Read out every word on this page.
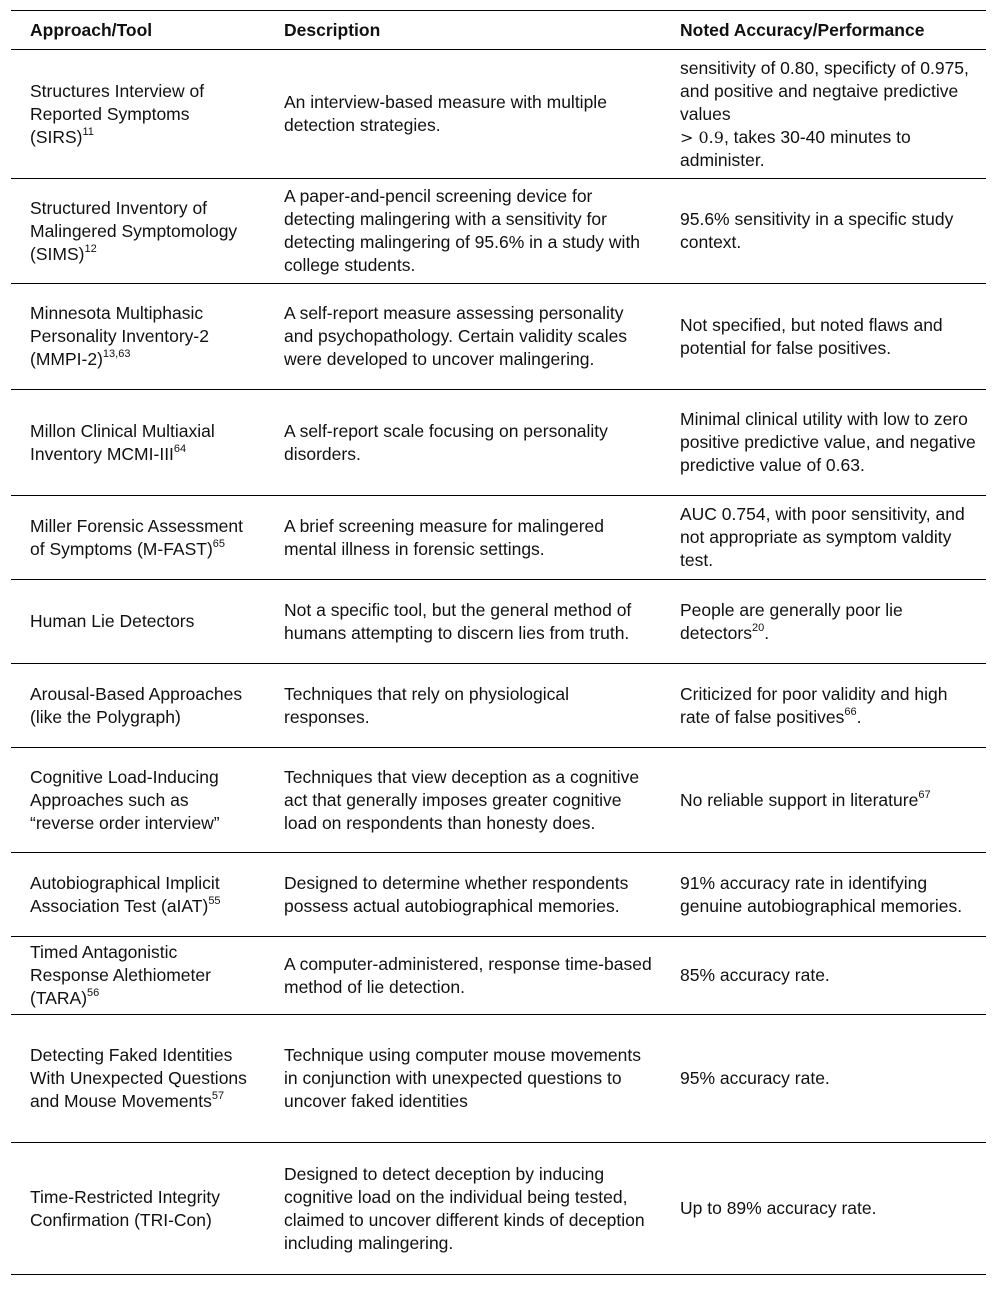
Approach/Tool	Description	Noted Accuracy/Performance
Structures Interview of Reported Symptoms (SIRS)$^{11}$
An interview-based measure with multiple detection strategies.
sensitivity of 0.80, specificty of 0.975, and positive and negtaive predictive values
> 0.9, takes 30-40 minutes to administer.
Structured Inventory of Malingered Symptomology (SIMS)$^{12}$
A paper-and-pencil screening device for detecting malingering with a sensitivity for detecting malingering of 95.6% in a study with college students.
95.6% sensitivity in a specific study context.
Minnesota Multiphasic Personality Inventory-2 (MMPI-2)$^{13,63}$
A self-report measure assessing personality and psychopathology. Certain validity scales were developed to uncover malingering.
Not specified, but noted flaws and potential for false positives.
Millon Clinical Multiaxial Inventory MCMI-III$^{64}$
A self-report scale focusing on personality disorders.
Minimal clinical utility with low to zero positive predictive value, and negative predictive value of 0.63.
Miller Forensic Assessment of Symptoms (M-FAST)$^{65}$
A brief screening measure for malingered mental illness in forensic settings.
AUC 0.754, with poor sensitivity, and not appropriate as symptom valdity test.
Human Lie Detectors
Not a specific tool, but the general method of humans attempting to discern lies from truth.
People are generally poor lie detectors$^{20}$.
Arousal-Based Approaches (like the Polygraph)
Techniques that rely on physiological responses.
Criticized for poor validity and high rate of false positives$^{66}$.
Cognitive Load-Inducing Approaches such as “reverse order interview”
Techniques that view deception as a cognitive act that generally imposes greater cognitive load on respondents than honesty does.
No reliable support in literature$^{67}$
Autobiographical Implicit Association Test (aIAT)$^{55}$
Designed to determine whether respondents possess actual autobiographical memories.
91% accuracy rate in identifying genuine autobiographical memories.
Timed Antagonistic Response Alethiometer (TARA)$^{56}$
A computer-administered, response time-based method of lie detection.
85% accuracy rate.
Detecting Faked Identities With Unexpected Questions and Mouse Movements$^{57}$
Technique using computer mouse movements in conjunction with unexpected questions to uncover faked identities
95% accuracy rate.
Time-Restricted Integrity Confirmation (TRI-Con)
Designed to detect deception by inducing cognitive load on the individual being tested, claimed to uncover different kinds of deception including malingering.
Up to 89% accuracy rate.
